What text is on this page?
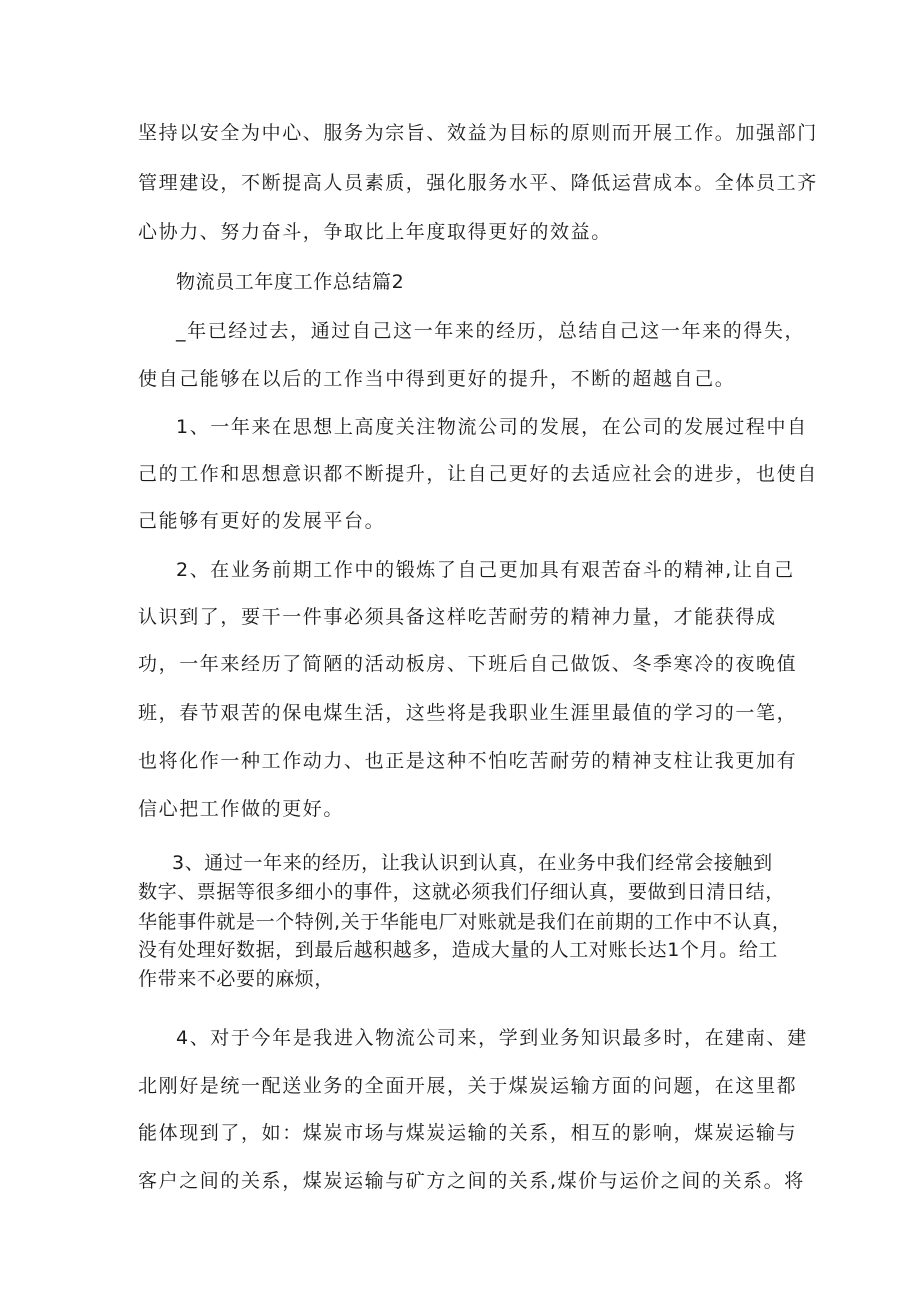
坚持以安全为中心、服务为宗旨、效益为目标的原则而开展工作。加强部门
管理建设，不断提高人员素质，强化服务水平、降低运营成本。全体员工齐
心协力、努力奋斗，争取比上年度取得更好的效益。
物流员工年度工作总结篇2
_年已经过去，通过自己这一年来的经历，总结自己这一年来的得失，
使自己能够在以后的工作当中得到更好的提升，不断的超越自己。
1、一年来在思想上高度关注物流公司的发展，在公司的发展过程中自
己的工作和思想意识都不断提升，让自己更好的去适应社会的进步，也使自
己能够有更好的发展平台。
2、在业务前期工作中的锻炼了自己更加具有艰苦奋斗的精神,让自己
认识到了，要干一件事必须具备这样吃苦耐劳的精神力量，才能获得成
功，一年来经历了简陋的活动板房、下班后自己做饭、冬季寒冷的夜晚值
班，春节艰苦的保电煤生活，这些将是我职业生涯里最值的学习的一笔，
也将化作一种工作动力、也正是这种不怕吃苦耐劳的精神支柱让我更加有
信心把工作做的更好。
3、通过一年来的经历，让我认识到认真，在业务中我们经常会接触到
数字、票据等很多细小的事件，这就必须我们仔细认真，要做到日清日结，
华能事件就是一个特例,关于华能电厂对账就是我们在前期的工作中不认真，
没有处理好数据，到最后越积越多，造成大量的人工对账长达1个月。给工
作带来不必要的麻烦，
4、对于今年是我进入物流公司来，学到业务知识最多时，在建南、建
北刚好是统一配送业务的全面开展，关于煤炭运输方面的问题，在这里都
能体现到了，如：煤炭市场与煤炭运输的关系，相互的影响，煤炭运输与
客户之间的关系，煤炭运输与矿方之间的关系,煤价与运价之间的关系。将
